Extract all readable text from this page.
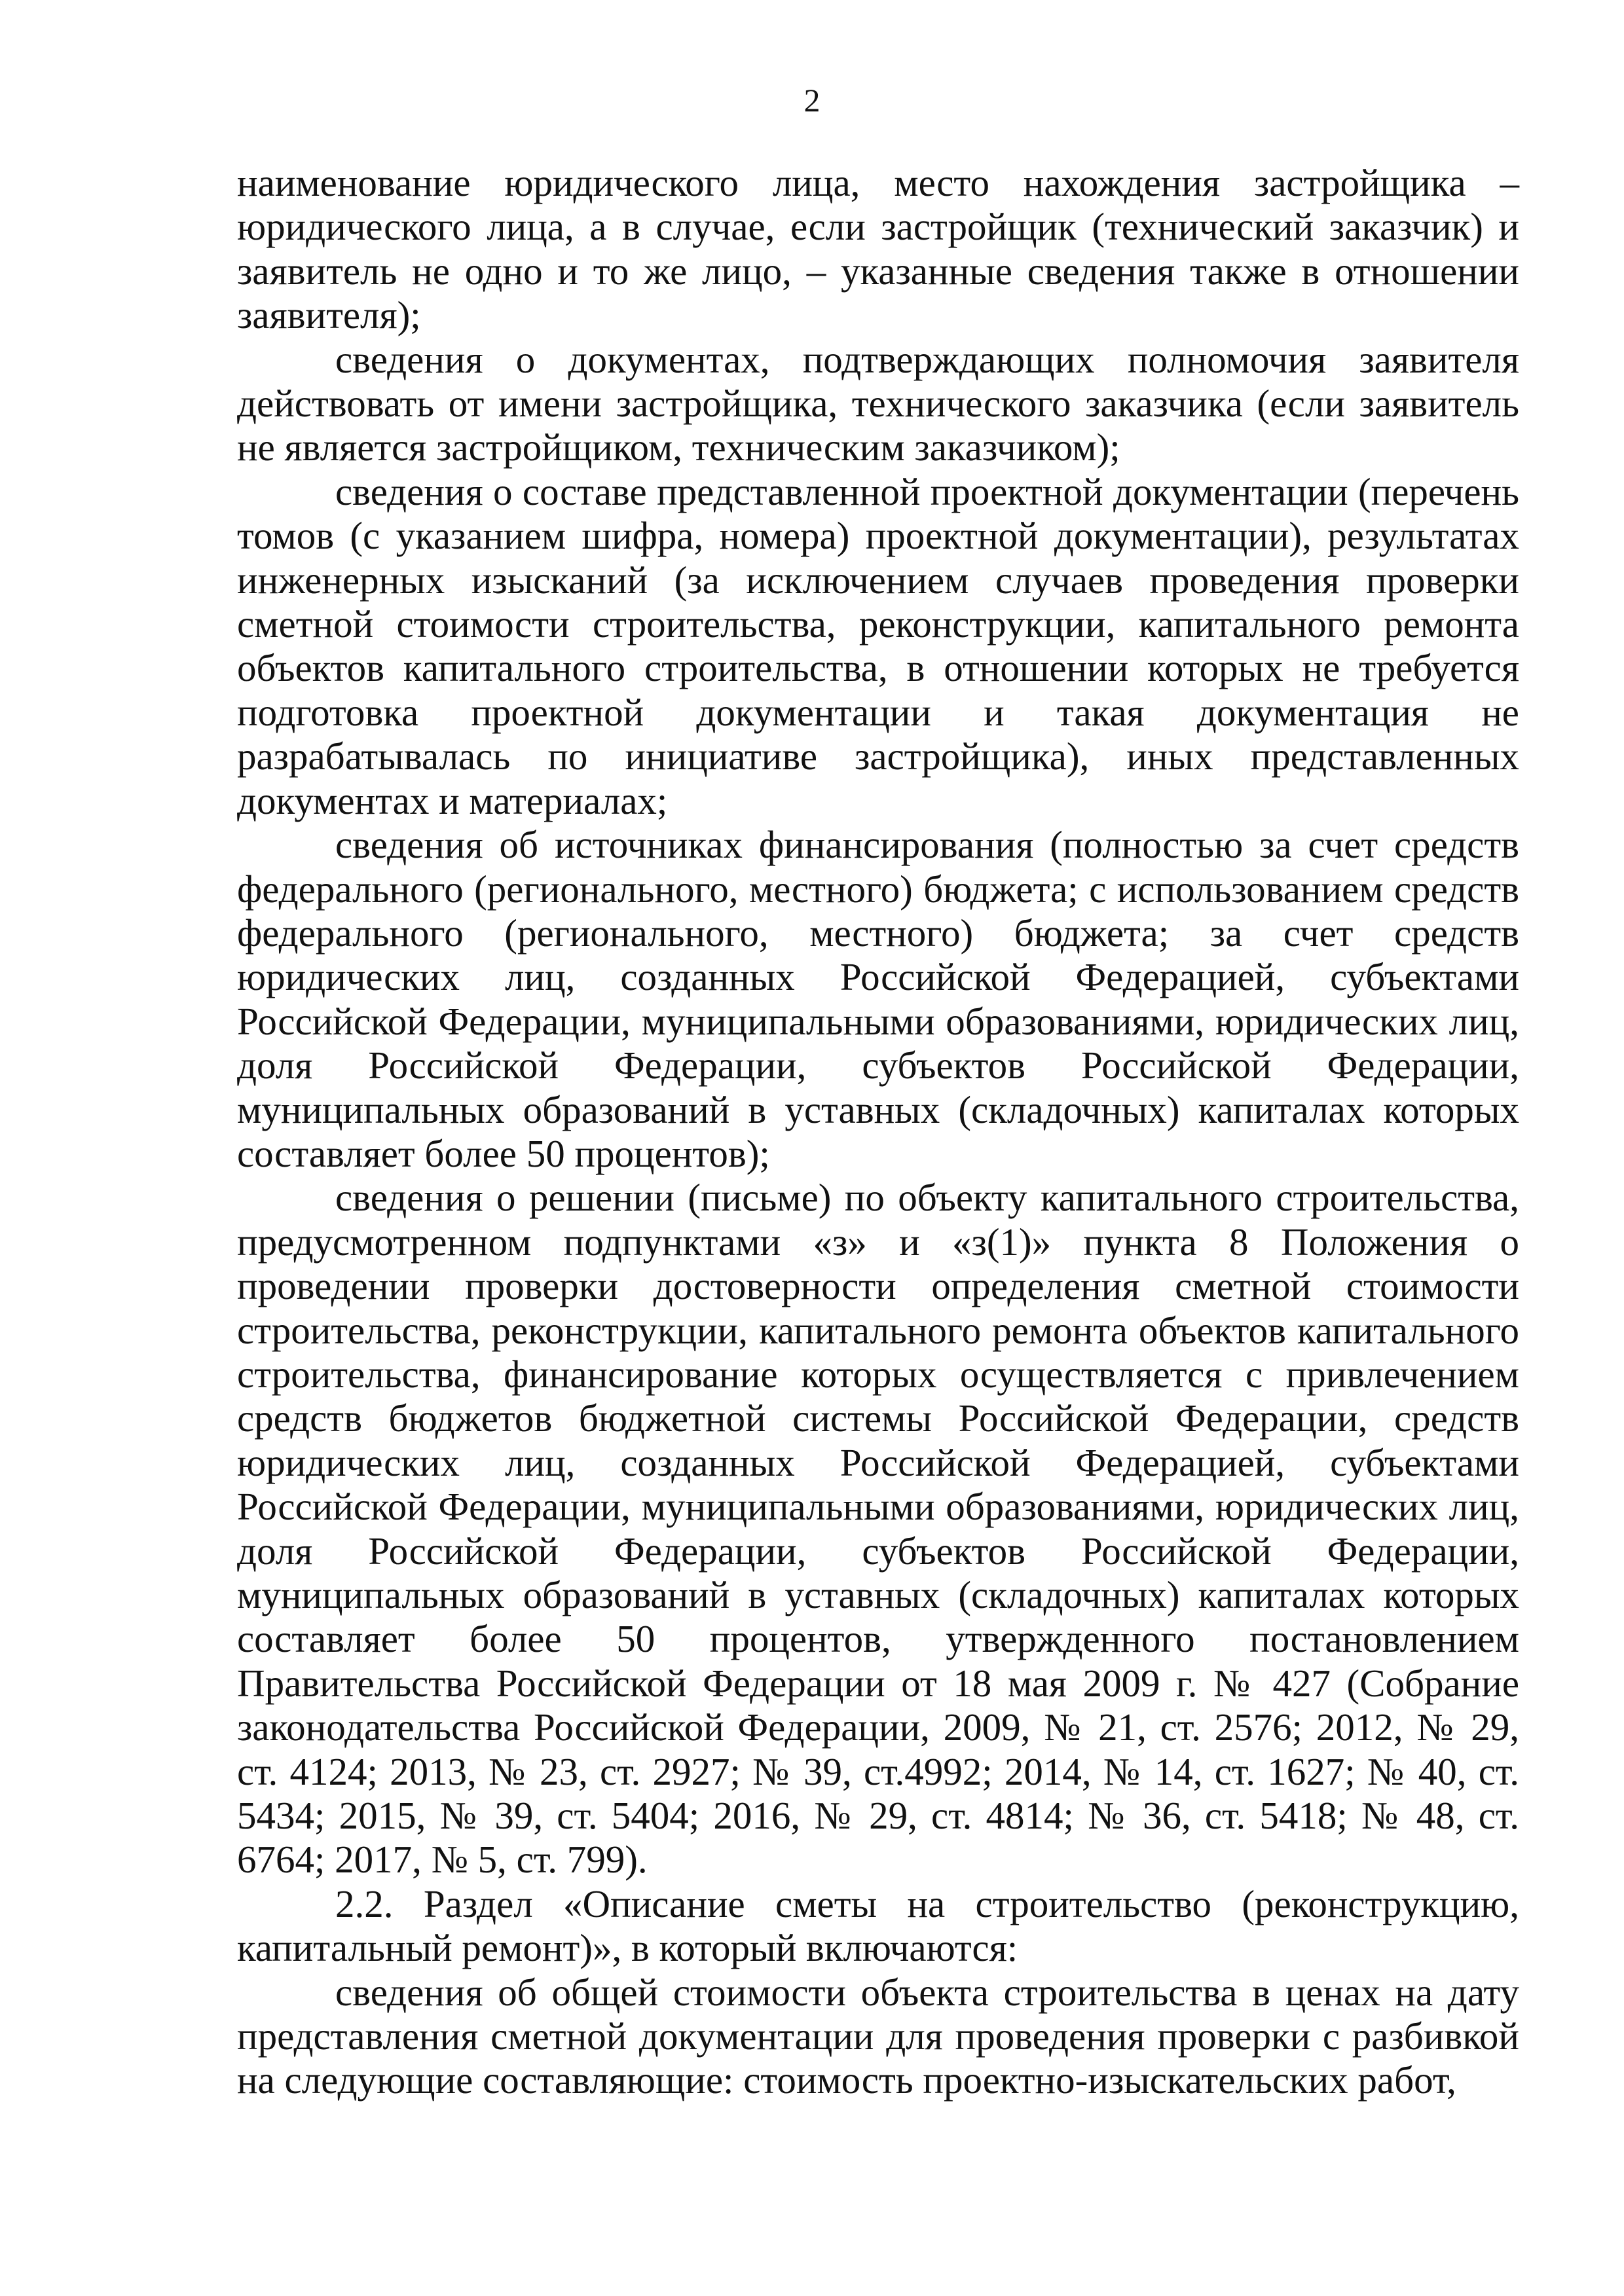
2

наименование юридического лица, место нахождения застройщика – юридического лица, а в случае, если застройщик (технический заказчик) и заявитель не одно и то же лицо, – указанные сведения также в отношении заявителя);

сведения о документах, подтверждающих полномочия заявителя действовать от имени застройщика, технического заказчика (если заявитель не является застройщиком, техническим заказчиком);

сведения о составе представленной проектной документации (перечень томов (с указанием шифра, номера) проектной документации), результатах инженерных изысканий (за исключением случаев проведения проверки сметной стоимости строительства, реконструкции, капитального ремонта объектов капитального строительства, в отношении которых не требуется подготовка проектной документации и такая документация не разрабатывалась по инициативе застройщика), иных представленных документах и материалах;

сведения об источниках финансирования (полностью за счет средств федерального (регионального, местного) бюджета; с использованием средств федерального (регионального, местного) бюджета; за счет средств юридических лиц, созданных Российской Федерацией, субъектами Российской Федерации, муниципальными образованиями, юридических лиц, доля Российской Федерации, субъектов Российской Федерации, муниципальных образований в уставных (складочных) капиталах которых составляет более 50 процентов);

сведения о решении (письме) по объекту капитального строительства, предусмотренном подпунктами «з» и «з(1)» пункта 8 Положения о проведении проверки достоверности определения сметной стоимости строительства, реконструкции, капитального ремонта объектов капитального строительства, финансирование которых осуществляется с привлечением средств бюджетов бюджетной системы Российской Федерации, средств юридических лиц, созданных Российской Федерацией, субъектами Российской Федерации, муниципальными образованиями, юридических лиц, доля Российской Федерации, субъектов Российской Федерации, муниципальных образований в уставных (складочных) капиталах которых составляет более 50 процентов, утвержденного постановлением Правительства Российской Федерации от 18 мая 2009 г. № 427 (Собрание законодательства Российской Федерации, 2009, № 21, ст. 2576; 2012, № 29, ст. 4124; 2013, № 23, ст. 2927; № 39, ст.4992; 2014, № 14, ст. 1627; № 40, ст. 5434; 2015, № 39, ст. 5404; 2016, № 29, ст. 4814; № 36, ст. 5418; № 48, ст. 6764; 2017, № 5, ст. 799).

2.2. Раздел «Описание сметы на строительство (реконструкцию, капитальный ремонт)», в который включаются:

сведения об общей стоимости объекта строительства в ценах на дату представления сметной документации для проведения проверки с разбивкой на следующие составляющие: стоимость проектно-изыскательских работ,
